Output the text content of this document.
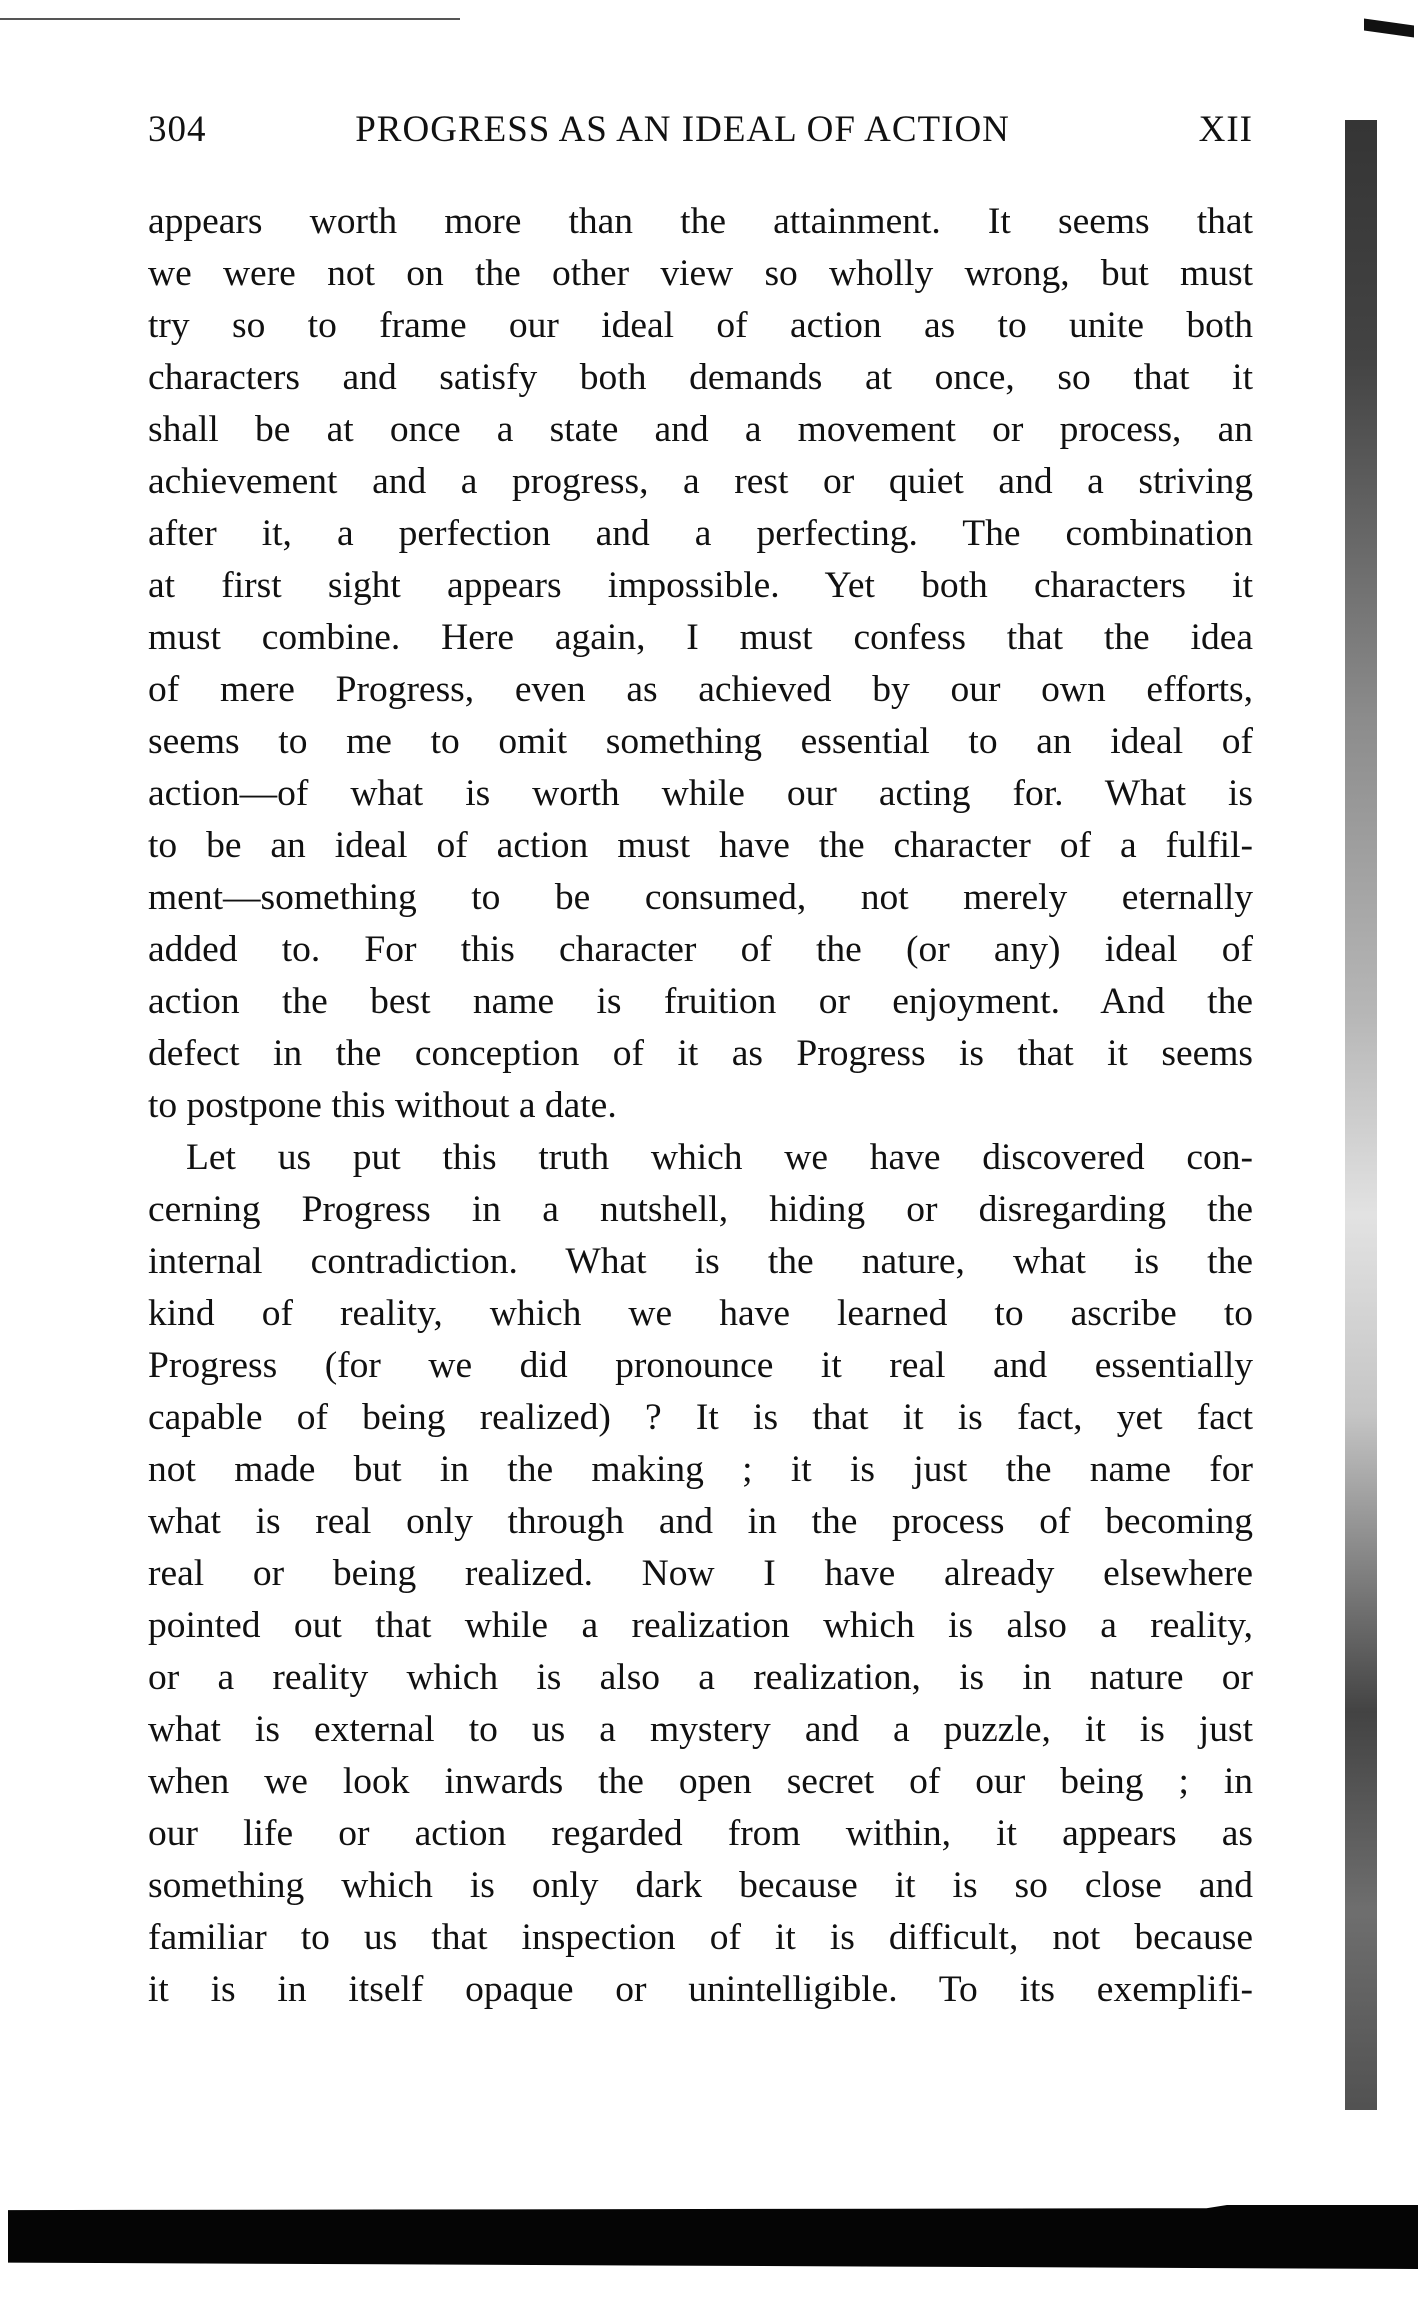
304	PROGRESS AS AN IDEAL OF ACTION	XII
appears worth more than the attainment. It seems that
we were not on the other view so wholly wrong, but must
try so to frame our ideal of action as to unite both
characters and satisfy both demands at once, so that it
shall be at once a state and a movement or process, an
achievement and a progress, a rest or quiet and a striving
after it, a perfection and a perfecting. The combination
at first sight appears impossible. Yet both characters it
must combine. Here again, I must confess that the idea
of mere Progress, even as achieved by our own efforts,
seems to me to omit something essential to an ideal of
action—of what is worth while our acting for. What is
to be an ideal of action must have the character of a fulfil-
ment—something to be consumed, not merely eternally
added to. For this character of the (or any) ideal of
action the best name is fruition or enjoyment. And the
defect in the conception of it as Progress is that it seems
to postpone this without a date.
Let us put this truth which we have discovered con-
cerning Progress in a nutshell, hiding or disregarding the
internal contradiction. What is the nature, what is the
kind of reality, which we have learned to ascribe to
Progress (for we did pronounce it real and essentially
capable of being realized) ? It is that it is fact, yet fact
not made but in the making ; it is just the name for
what is real only through and in the process of becoming
real or being realized. Now I have already elsewhere
pointed out that while a realization which is also a reality,
or a reality which is also a realization, is in nature or
what is external to us a mystery and a puzzle, it is just
when we look inwards the open secret of our being ; in
our life or action regarded from within, it appears as
something which is only dark because it is so close and
familiar to us that inspection of it is difficult, not because
it is in itself opaque or unintelligible. To its exemplifi-
